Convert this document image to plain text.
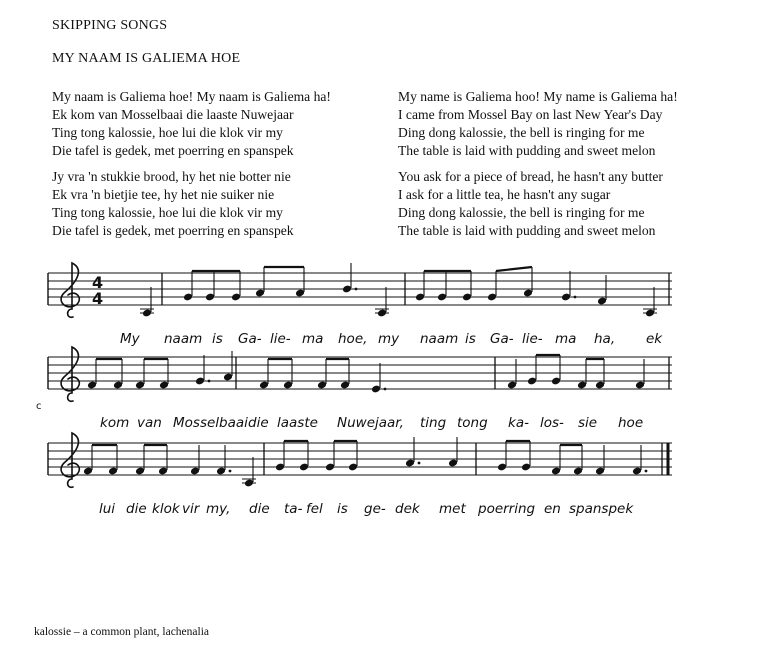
SKIPPING SONGS
MY NAAM IS GALIEMA HOE
My naam is Galiema hoe! My naam is Galiema ha!
Ek kom van Mosselbaai die laaste Nuwejaar
Ting tong kalossie, hoe lui die klok vir my
Die tafel is gedek, met poerring en spanspek
Jy vra 'n stukkie brood, hy het nie botter nie
Ek vra 'n bietjie tee, hy het nie suiker nie
Ting tong kalossie, hoe lui die klok vir my
Die tafel is gedek, met poerring en spanspek
My name is Galiema hoo! My name is Galiema ha!
I came from Mossel Bay on last New Year's Day
Ding dong kalossie, the bell is ringing for me
The table is laid with pudding and sweet melon
You ask for a piece of bread, he hasn't any butter
I ask for a little tea, he hasn't any sugar
Ding dong kalossie, the bell is ringing for me
The table is laid with pudding and sweet melon
4
4
My naam is Ga- lie- ma hoe, my naam is Ga- lie- ma ha, ek
c
kom van Mosselbaai die laaste Nuwejaar, ting tong ka- los- sie hoe
lui die klok vir my, die ta- fel is ge- dek met poerring en spanspek
kalossie – a common plant, lachenalia
